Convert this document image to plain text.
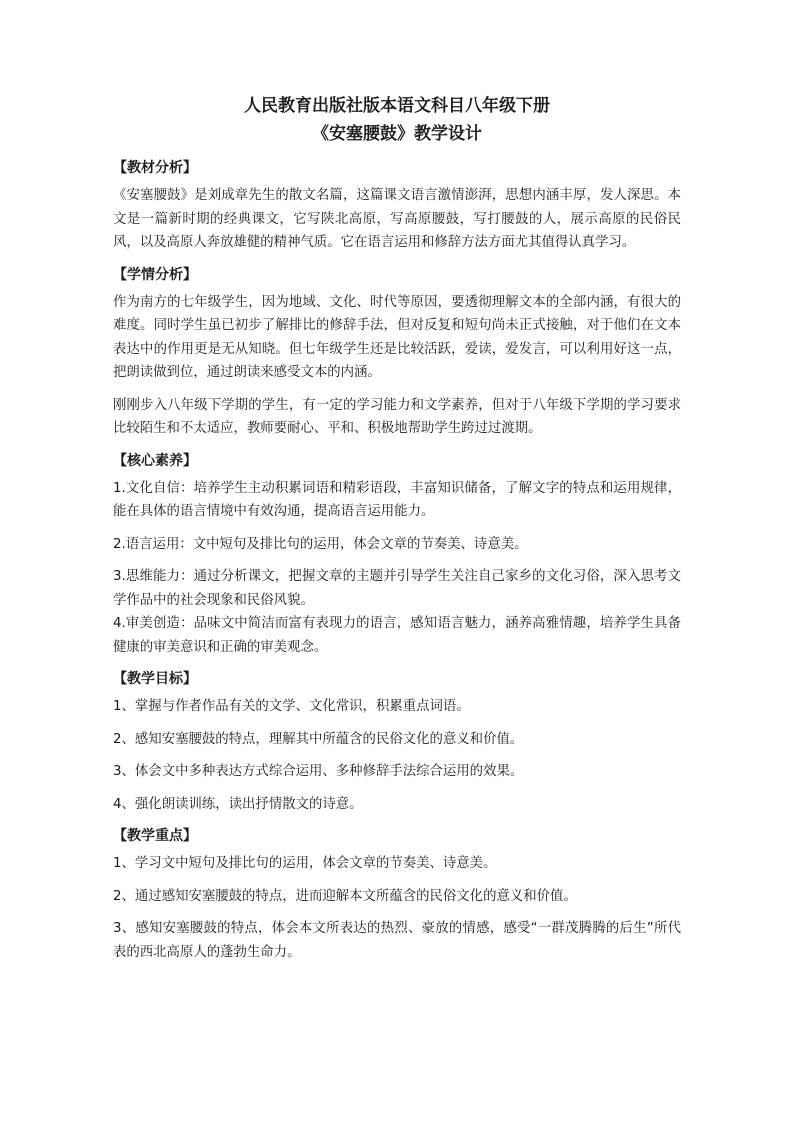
人民教育出版社版本语文科目八年级下册
《安塞腰鼓》教学设计
【教材分析】

《安塞腰鼓》是刘成章先生的散文名篇，这篇课文语言激情澎湃，思想内涵丰厚，发人深思。本文是一篇新时期的经典课文，它写陕北高原，写高原腰鼓，写打腰鼓的人，展示高原的民俗民风，以及高原人奔放雄健的精神气质。它在语言运用和修辞方法方面尤其值得认真学习。

【学情分析】

作为南方的七年级学生，因为地域、文化、时代等原因，要透彻理解文本的全部内涵，有很大的难度。同时学生虽已初步了解排比的修辞手法，但对反复和短句尚未正式接触，对于他们在文本表达中的作用更是无从知晓。但七年级学生还是比较活跃，爱读，爱发言，可以利用好这一点，把朗读做到位，通过朗读来感受文本的内涵。

刚刚步入八年级下学期的学生，有一定的学习能力和文学素养，但对于八年级下学期的学习要求比较陌生和不太适应，教师要耐心、平和、积极地帮助学生跨过过渡期。

【核心素养】

1.文化自信：培养学生主动积累词语和精彩语段，丰富知识储备，了解文字的特点和运用规律，能在具体的语言情境中有效沟通，提高语言运用能力。

2.语言运用：文中短句及排比句的运用，体会文章的节奏美、诗意美。

3.思维能力：通过分析课文，把握文章的主题并引导学生关注自己家乡的文化习俗，深入思考文学作品中的社会现象和民俗风貌。

4.审美创造：品味文中简洁而富有表现力的语言，感知语言魅力，涵养高雅情趣，培养学生具备健康的审美意识和正确的审美观念。

【教学目标】

1、掌握与作者作品有关的文学、文化常识，积累重点词语。

2、感知安塞腰鼓的特点，理解其中所蕴含的民俗文化的意义和价值。

3、体会文中多种表达方式综合运用、多种修辞手法综合运用的效果。

4、强化朗读训练，读出抒情散文的诗意。

【教学重点】

1、学习文中短句及排比句的运用，体会文章的节奏美、诗意美。

2、通过感知安塞腰鼓的特点，进而迎解本文所蕴含的民俗文化的意义和价值。

3、感知安塞腰鼓的特点，体会本文所表达的热烈、豪放的情感，感受“一群茂腾腾的后生”所代表的西北高原人的蓬勃生命力。
